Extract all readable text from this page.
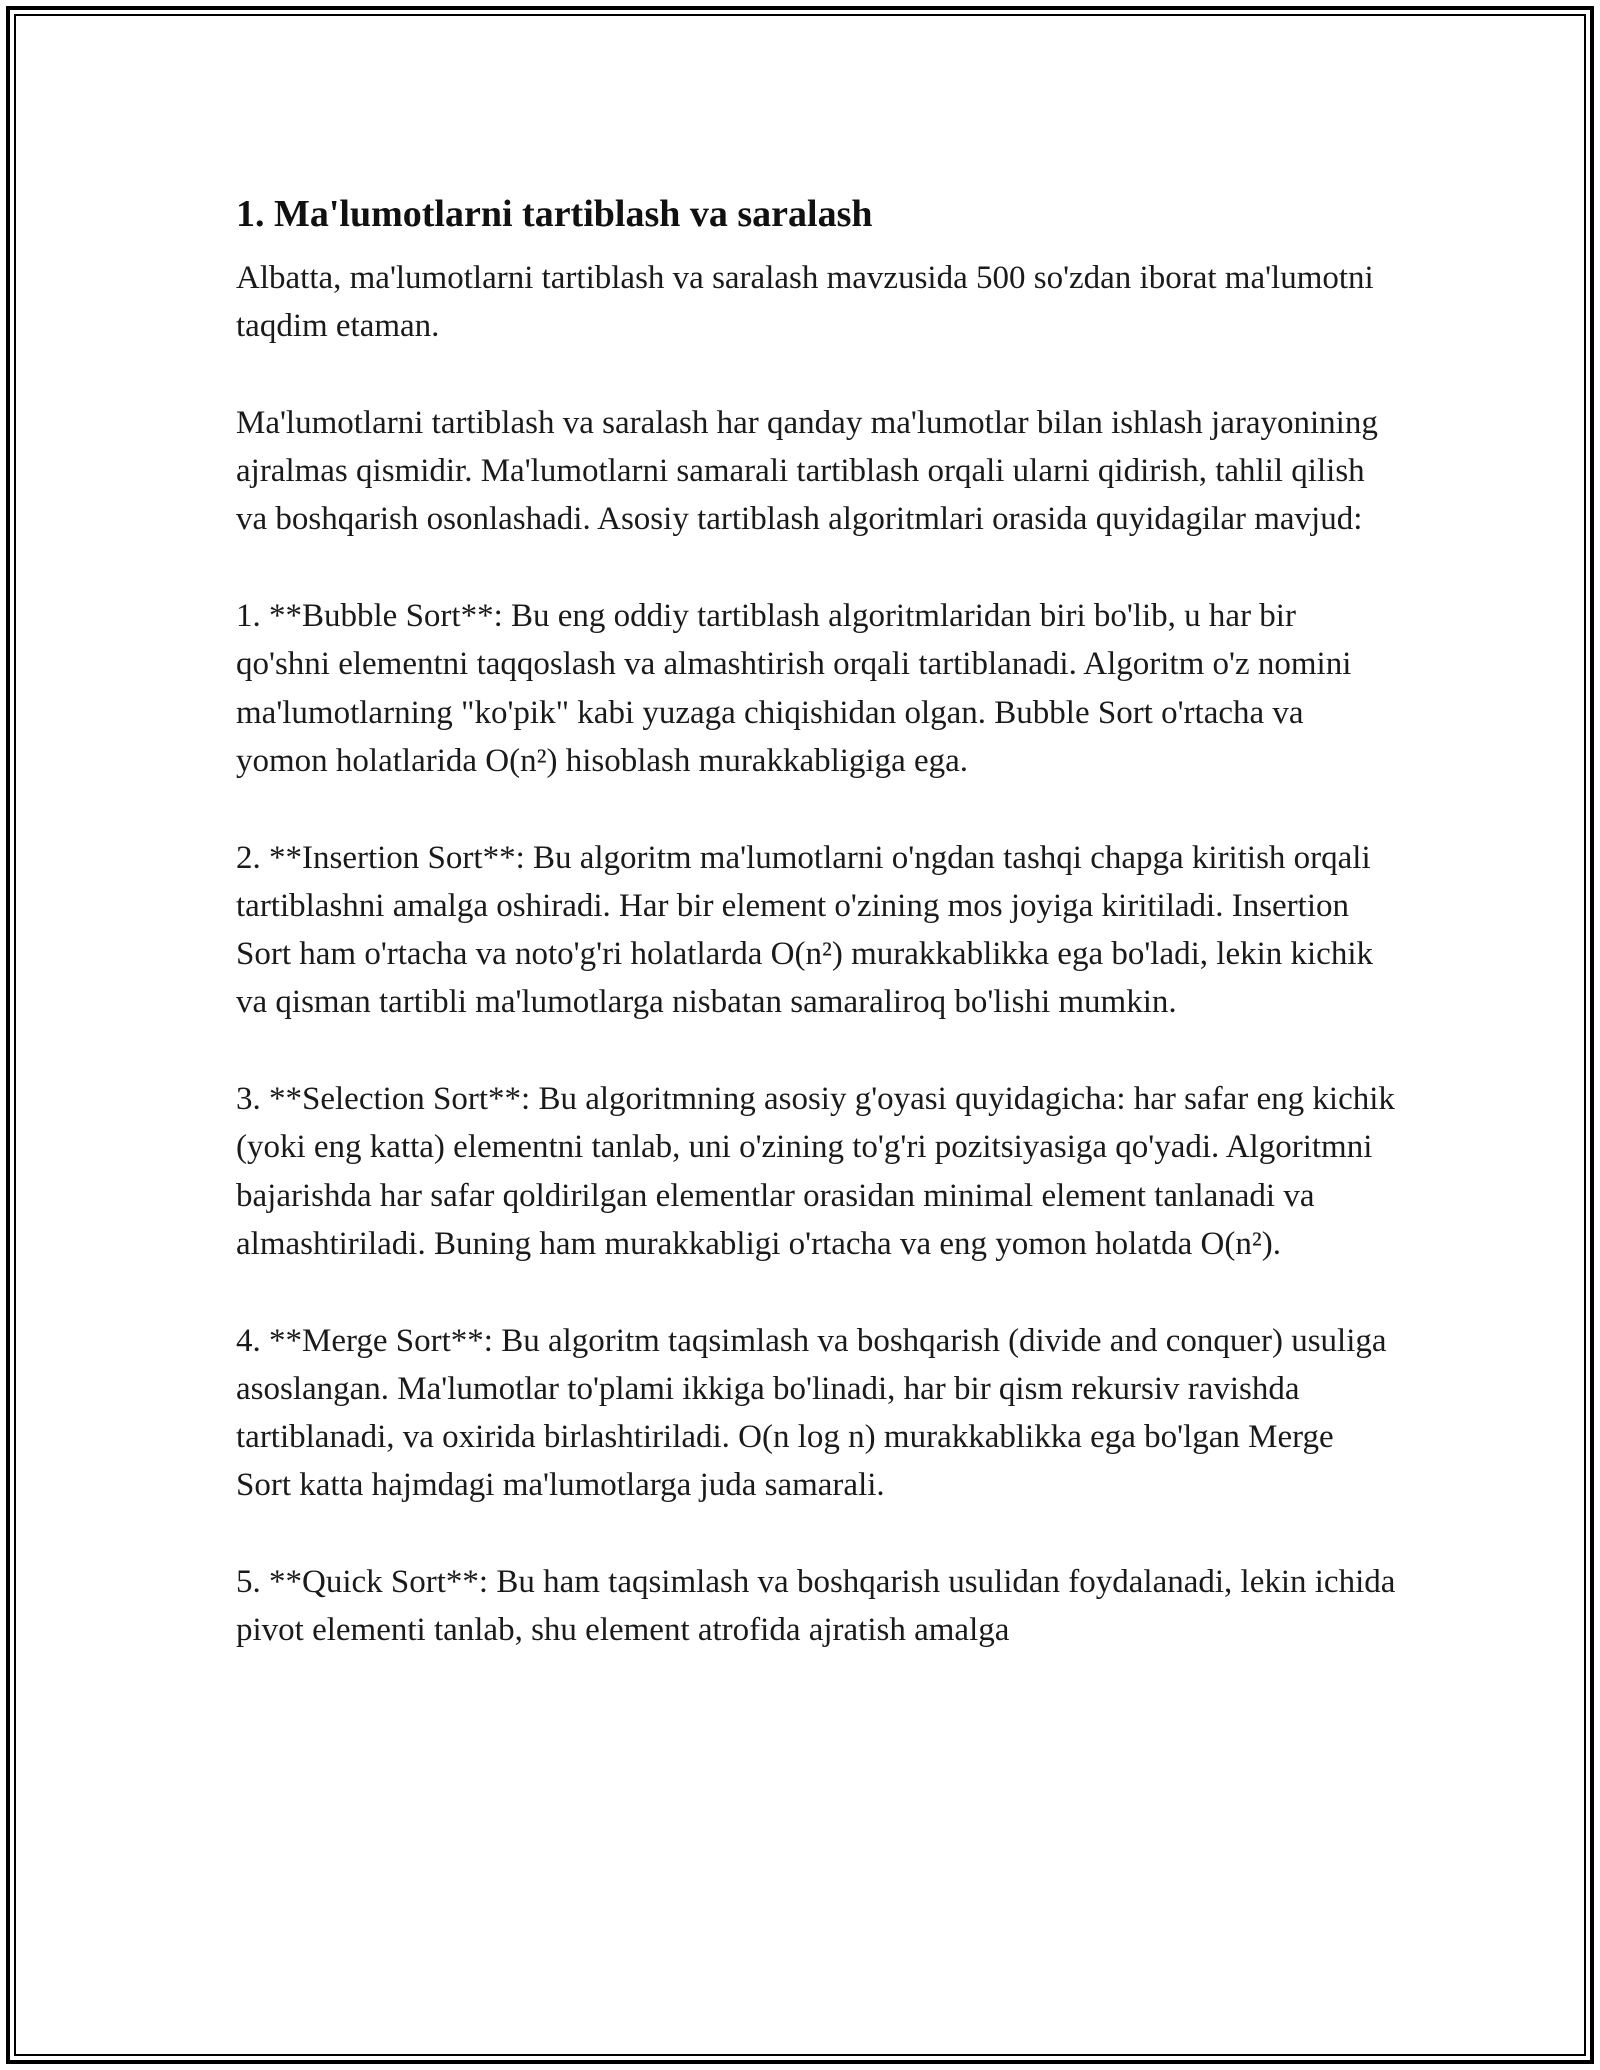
1. Ma'lumotlarni tartiblash va saralash

Albatta, ma'lumotlarni tartiblash va saralash mavzusida 500 so'zdan iborat ma'lumotni taqdim etaman.

Ma'lumotlarni tartiblash va saralash har qanday ma'lumotlar bilan ishlash jarayonining ajralmas qismidir. Ma'lumotlarni samarali tartiblash orqali ularni qidirish, tahlil qilish va boshqarish osonlashadi. Asosiy tartiblash algoritmlari orasida quyidagilar mavjud:

1. **Bubble Sort**: Bu eng oddiy tartiblash algoritmlaridan biri bo'lib, u har bir qo'shni elementni taqqoslash va almashtirish orqali tartiblanadi. Algoritm o'z nomini ma'lumotlarning "ko'pik" kabi yuzaga chiqishidan olgan. Bubble Sort o'rtacha va yomon holatlarida O(n²) hisoblash murakkabligiga ega.

2. **Insertion Sort**: Bu algoritm ma'lumotlarni o'ngdan tashqi chapga kiritish orqali tartiblashni amalga oshiradi. Har bir element o'zining mos joyiga kiritiladi. Insertion Sort ham o'rtacha va noto'g'ri holatlarda O(n²) murakkablikka ega bo'ladi, lekin kichik va qisman tartibli ma'lumotlarga nisbatan samaraliroq bo'lishi mumkin.

3. **Selection Sort**: Bu algoritmning asosiy g'oyasi quyidagicha: har safar eng kichik (yoki eng katta) elementni tanlab, uni o'zining to'g'ri pozitsiyasiga qo'yadi. Algoritmni bajarishda har safar qoldirilgan elementlar orasidan minimal element tanlanadi va almashtiriladi. Buning ham murakkabligi o'rtacha va eng yomon holatda O(n²).

4. **Merge Sort**: Bu algoritm taqsimlash va boshqarish (divide and conquer) usuliga asoslangan. Ma'lumotlar to'plami ikkiga bo'linadi, har bir qism rekursiv ravishda tartiblanadi, va oxirida birlashtiriladi. O(n log n) murakkablikka ega bo'lgan Merge Sort katta hajmdagi ma'lumotlarga juda samarali.

5. **Quick Sort**: Bu ham taqsimlash va boshqarish usulidan foydalanadi, lekin ichida pivot elementi tanlab, shu element atrofida ajratish amalga
